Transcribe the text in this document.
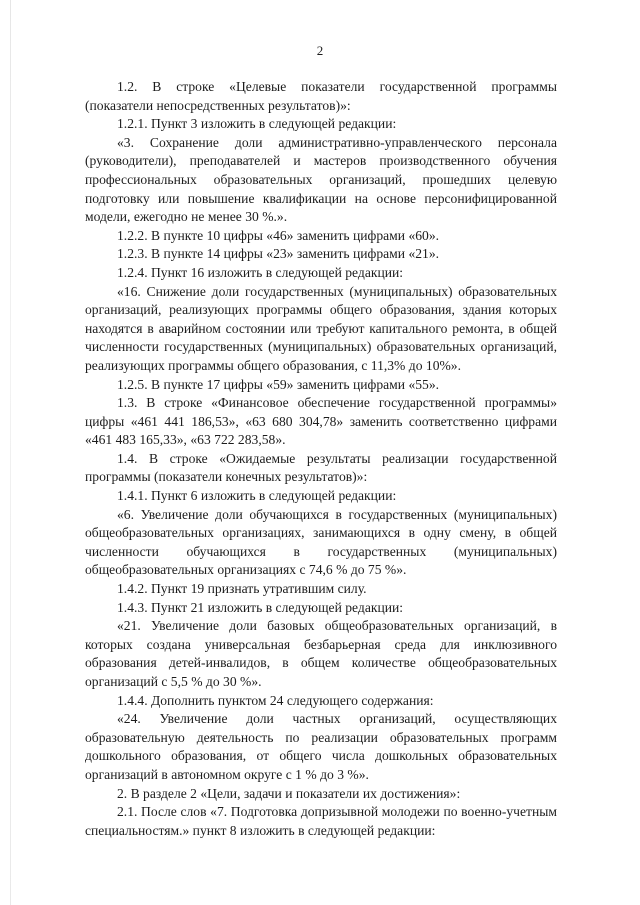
2

1.2. В строке «Целевые показатели государственной программы (показатели непосредственных результатов)»:

1.2.1. Пункт 3 изложить в следующей редакции:

«3. Сохранение доли административно-управленческого персонала (руководители), преподавателей и мастеров производственного обучения профессиональных образовательных организаций, прошедших целевую подготовку или повышение квалификации на основе персонифицированной модели, ежегодно не менее 30 %.».

1.2.2. В пункте 10 цифры «46» заменить цифрами «60».

1.2.3. В пункте 14 цифры «23» заменить цифрами «21».

1.2.4. Пункт 16 изложить в следующей редакции:

«16. Снижение доли государственных (муниципальных) образовательных организаций, реализующих программы общего образования, здания которых находятся в аварийном состоянии или требуют капитального ремонта, в общей численности государственных (муниципальных) образовательных организаций, реализующих программы общего образования, с 11,3% до 10%».

1.2.5. В пункте 17 цифры «59» заменить цифрами «55».

1.3. В строке «Финансовое обеспечение государственной программы» цифры «461 441 186,53», «63 680 304,78» заменить соответственно цифрами «461 483 165,33», «63 722 283,58».

1.4. В строке «Ожидаемые результаты реализации государственной программы (показатели конечных результатов)»:

1.4.1. Пункт 6 изложить в следующей редакции:

«6. Увеличение доли обучающихся в государственных (муниципальных) общеобразовательных организациях, занимающихся в одну смену, в общей численности обучающихся в государственных (муниципальных) общеобразовательных организациях с 74,6 % до 75 %».

1.4.2. Пункт 19 признать утратившим силу.

1.4.3. Пункт 21 изложить в следующей редакции:

«21. Увеличение доли базовых общеобразовательных организаций, в которых создана универсальная безбарьерная среда для инклюзивного образования детей-инвалидов, в общем количестве общеобразовательных организаций с 5,5 % до 30 %».

1.4.4. Дополнить пунктом 24 следующего содержания:

«24. Увеличение доли частных организаций, осуществляющих образовательную деятельность по реализации образовательных программ дошкольного образования, от общего числа дошкольных образовательных организаций в автономном округе с 1 % до 3 %».

2. В разделе 2 «Цели, задачи и показатели их достижения»:

2.1. После слов «7. Подготовка допризывной молодежи по военно-учетным специальностям.» пункт 8 изложить в следующей редакции:
